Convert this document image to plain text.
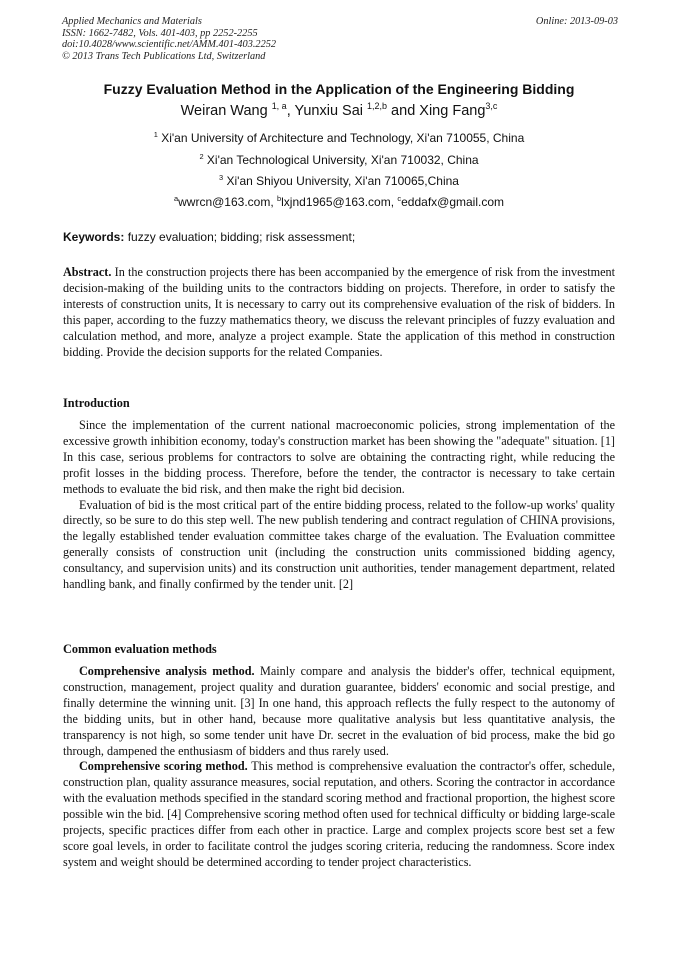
Applied Mechanics and Materials
ISSN: 1662-7482, Vols. 401-403, pp 2252-2255
doi:10.4028/www.scientific.net/AMM.401-403.2252
© 2013 Trans Tech Publications Ltd, Switzerland
Online: 2013-09-03
Fuzzy Evaluation Method in the Application of the Engineering Bidding
Weiran Wang $^{1, a}$, Yunxiu Sai $^{1,2,b}$ and Xing Fang$^{3,c}$
$^1$ Xi'an University of Architecture and Technology, Xi'an 710055, China
$^2$ Xi'an Technological University, Xi'an 710032, China
$^3$ Xi'an Shiyou University, Xi'an 710065,China
$^a$wwrcn@163.com, $^b$lxjnd1965@163.com, $^c$eddafx@gmail.com
Keywords: fuzzy evaluation; bidding; risk assessment;

Abstract. In the construction projects there has been accompanied by the emergence of risk from the investment decision-making of the building units to the contractors bidding on projects. Therefore, in order to satisfy the interests of construction units, It is necessary to carry out its comprehensive evaluation of the risk of bidders. In this paper, according to the fuzzy mathematics theory, we discuss the relevant principles of fuzzy evaluation and calculation method, and more, analyze a project example. State the application of this method in construction bidding. Provide the decision supports for the related Companies.

Introduction

Since the implementation of the current national macroeconomic policies, strong implementation of the excessive growth inhibition economy, today's construction market has been showing the "adequate" situation. [1] In this case, serious problems for contractors to solve are obtaining the contracting right, while reducing the profit losses in the bidding process. Therefore, before the tender, the contractor is necessary to take certain methods to evaluate the bid risk, and then make the right bid decision.

Evaluation of bid is the most critical part of the entire bidding process, related to the follow-up works' quality directly, so be sure to do this step well. The new publish tendering and contract regulation of CHINA provisions, the legally established tender evaluation committee takes charge of the evaluation. The Evaluation committee generally consists of construction unit (including the construction units commissioned bidding agency, consultancy, and supervision units) and its construction unit authorities, tender management department, related handling bank, and finally confirmed by the tender unit. [2]

Common evaluation methods

Comprehensive analysis method. Mainly compare and analysis the bidder's offer, technical equipment, construction, management, project quality and duration guarantee, bidders' economic and social prestige, and finally determine the winning unit. [3] In one hand, this approach reflects the fully respect to the autonomy of the bidding units, but in other hand, because more qualitative analysis but less quantitative analysis, the transparency is not high, so some tender unit have Dr. secret in the evaluation of bid process, make the bid go through, dampened the enthusiasm of bidders and thus rarely used.

Comprehensive scoring method. This method is comprehensive evaluation the contractor's offer, schedule, construction plan, quality assurance measures, social reputation, and others. Scoring the contractor in accordance with the evaluation methods specified in the standard scoring method and fractional proportion, the highest score possible win the bid. [4] Comprehensive scoring method often used for technical difficulty or bidding large-scale projects, specific practices differ from each other in practice. Large and complex projects score best set a few score goal levels, in order to facilitate control the judges scoring criteria, reducing the randomness. Score index system and weight should be determined according to tender project characteristics.
